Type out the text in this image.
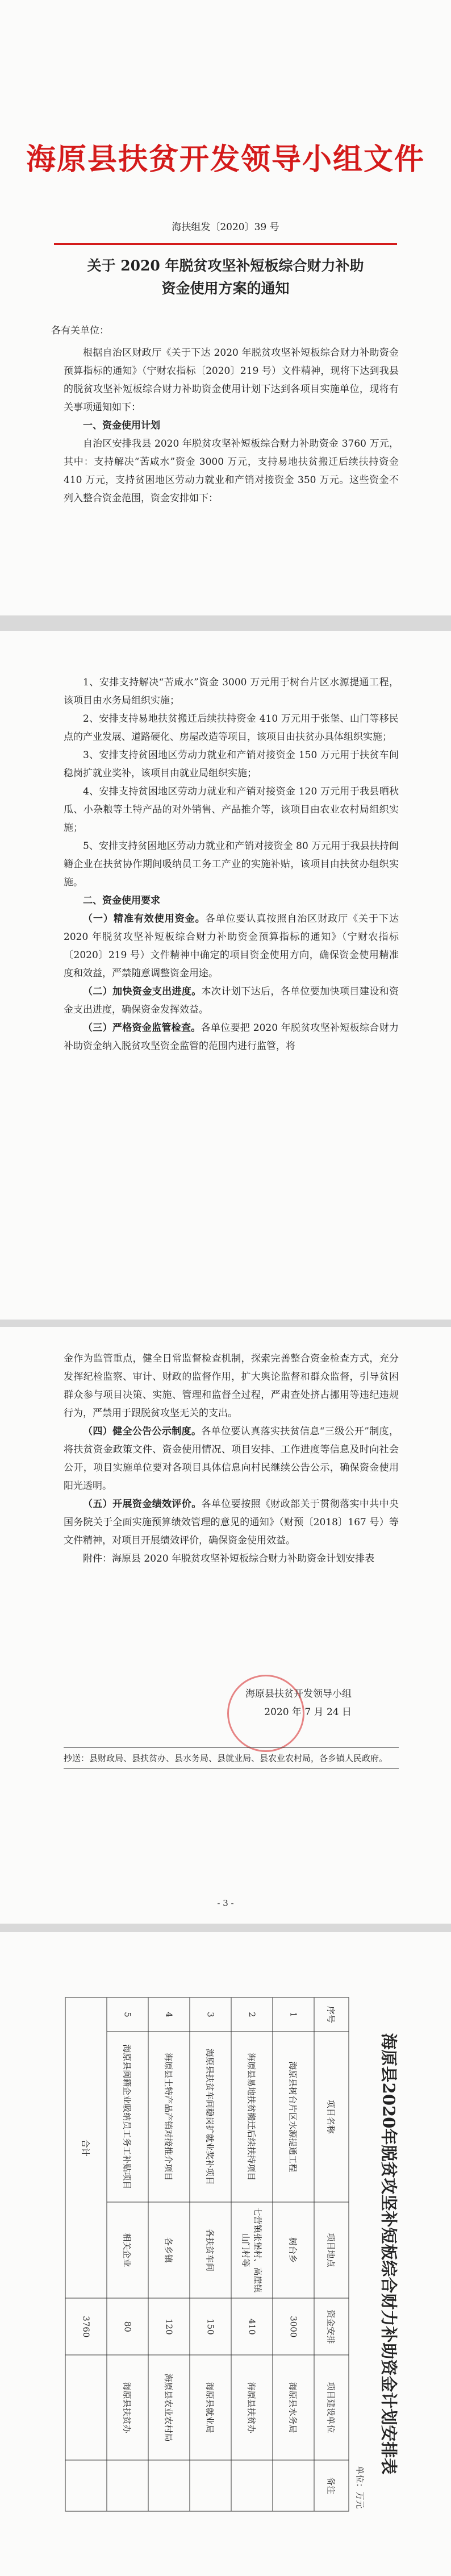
海原县扶贫开发领导小组文件
海扶组发〔2020〕39 号
关于 2020 年脱贫攻坚补短板综合财力补助
资金使用方案的通知
各有关单位：

根据自治区财政厅《关于下达 2020 年脱贫攻坚补短板综合财力补助资金预算指标的通知》（宁财农指标〔2020〕219 号）文件精神，现将下达到我县的脱贫攻坚补短板综合财力补助资金使用计划下达到各项目实施单位，现将有关事项通知如下：

一、资金使用计划

自治区安排我县 2020 年脱贫攻坚补短板综合财力补助资金 3760 万元，其中：支持解决“苦咸水”资金 3000 万元，支持易地扶贫搬迁后续扶持资金 410 万元，支持贫困地区劳动力就业和产销对接资金 350 万元。这些资金不列入整合资金范围，资金安排如下：

1、安排支持解决“苦咸水”资金 3000 万元用于树台片区水源提通工程，该项目由水务局组织实施；

2、安排支持易地扶贫搬迁后续扶持资金 410 万元用于张堡、山门等移民点的产业发展、道路硬化、房屋改造等项目，该项目由扶贫办具体组织实施；

3、安排支持贫困地区劳动力就业和产销对接资金 150 万元用于扶贫车间稳岗扩就业奖补，该项目由就业局组织实施；

4、安排支持贫困地区劳动力就业和产销对接资金 120 万元用于我县晒秋瓜、小杂粮等土特产品的对外销售、产品推介等，该项目由农业农村局组织实施；

5、安排支持贫困地区劳动力就业和产销对接资金 80 万元用于我县扶持闽籍企业在扶贫协作期间吸纳员工务工产业的实施补贴，该项目由扶贫办组织实施。

二、资金使用要求

（一）精准有效使用资金。各单位要认真按照自治区财政厅《关于下达 2020 年脱贫攻坚补短板综合财力补助资金预算指标的通知》（宁财农指标〔2020〕219 号）文件精神中确定的项目资金使用方向，确保资金使用精准度和效益，严禁随意调整资金用途。

（二）加快资金支出进度。本次计划下达后，各单位要加快项目建设和资金支出进度，确保资金发挥效益。

（三）严格资金监管检查。各单位要把 2020 年脱贫攻坚补短板综合财力补助资金纳入脱贫攻坚资金监管的范围内进行监管，将

金作为监管重点，健全日常监督检查机制，探索完善整合资金检查方式，充分发挥纪检监察、审计、财政的监督作用，扩大舆论监督和群众监督，引导贫困群众参与项目决策、实施、管理和监督全过程，严肃查处挤占挪用等违纪违规行为，严禁用于跟脱贫攻坚无关的支出。

（四）健全公告公示制度。各单位要认真落实扶贫信息“三级公开”制度，将扶贫资金政策文件、资金使用情况、项目安排、工作进度等信息及时向社会公开，项目实施单位要对各项目具体信息向村民继续公告公示，确保资金使用阳光透明。

（五）开展资金绩效评价。各单位要按照《财政部关于贯彻落实中共中央 国务院关于全面实施预算绩效管理的意见的通知》（财预〔2018〕167 号）等文件精神，对项目开展绩效评价，确保资金使用效益。

附件：海原县 2020 年脱贫攻坚补短板综合财力补助资金计划安排表

海原县扶贫开发领导小组
2020 年 7 月 24 日
抄送：县财政局、县扶贫办、县水务局、县就业局、县农业农村局，各乡镇人民政府。
- 3 -
海原县2020年脱贫攻坚补短板综合财力补助资金计划安排表
单位：万元
序号	项目名称	项目地点	资金安排	项目建设单位	备注
1	海原县树台片区水源提通工程	树台乡	3000	海原县水务局	
2	海原县易地扶贫搬迁后续扶持项目	七营镇张堡村、高崖镇山门村等	410	海原县扶贫办	
3	海原县扶贫车间稳岗扩就业奖补项目	各扶贫车间	150	海原县就业局	
4	海原县土特产品产销对接推介项目	各乡镇	120	海原县农业农村局	
5	海原县闽籍企业吸纳员工务工补贴项目	相关企业	80	海原县扶贫办	
合计			3760		
